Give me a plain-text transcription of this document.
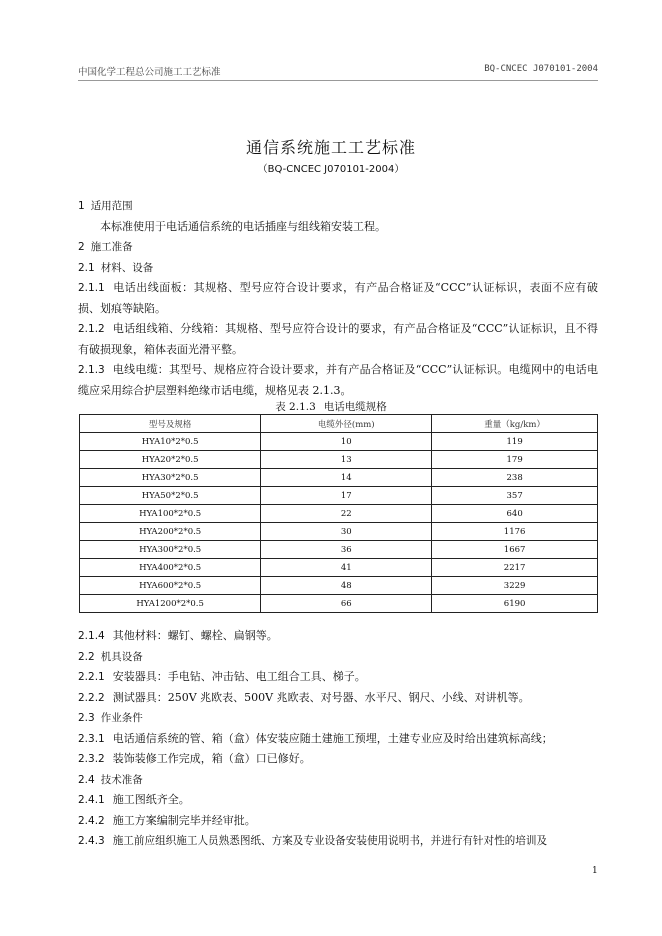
中国化学工程总公司施工工艺标准	BQ-CNCEC J070101-2004
通信系统施工工艺标准
（BQ-CNCEC J070101-2004）
1 适用范围
本标准使用于电话通信系统的电话插座与组线箱安装工程。
2 施工准备
2.1 材料、设备
2.1.1 电话出线面板：其规格、型号应符合设计要求，有产品合格证及“CCC”认证标识，表面不应有破损、划痕等缺陷。
2.1.2 电话组线箱、分线箱：其规格、型号应符合设计的要求，有产品合格证及“CCC”认证标识，且不得有破损现象，箱体表面光滑平整。
2.1.3 电线电缆：其型号、规格应符合设计要求，并有产品合格证及“CCC”认证标识。电缆网中的电话电缆应采用综合护层塑料绝缘市话电缆，规格见表 2.1.3。
表 2.1.3 电话电缆规格
型号及规格	电缆外径(mm)	重量（kg/km）
HYA10*2*0.5	10	119
HYA20*2*0.5	13	179
HYA30*2*0.5	14	238
HYA50*2*0.5	17	357
HYA100*2*0.5	22	640
HYA200*2*0.5	30	1176
HYA300*2*0.5	36	1667
HYA400*2*0.5	41	2217
HYA600*2*0.5	48	3229
HYA1200*2*0.5	66	6190
2.1.4 其他材料：螺钉、螺栓、扁钢等。
2.2 机具设备
2.2.1 安装器具：手电钻、冲击钻、电工组合工具、梯子。
2.2.2 测试器具：250V 兆欧表、500V 兆欧表、对号器、水平尺、钢尺、小线、对讲机等。
2.3 作业条件
2.3.1 电话通信系统的管、箱（盒）体安装应随土建施工预埋，土建专业应及时给出建筑标高线；
2.3.2 装饰装修工作完成，箱（盒）口已修好。
2.4 技术准备
2.4.1 施工图纸齐全。
2.4.2 施工方案编制完毕并经审批。
2.4.3 施工前应组织施工人员熟悉图纸、方案及专业设备安装使用说明书，并进行有针对性的培训及
1
